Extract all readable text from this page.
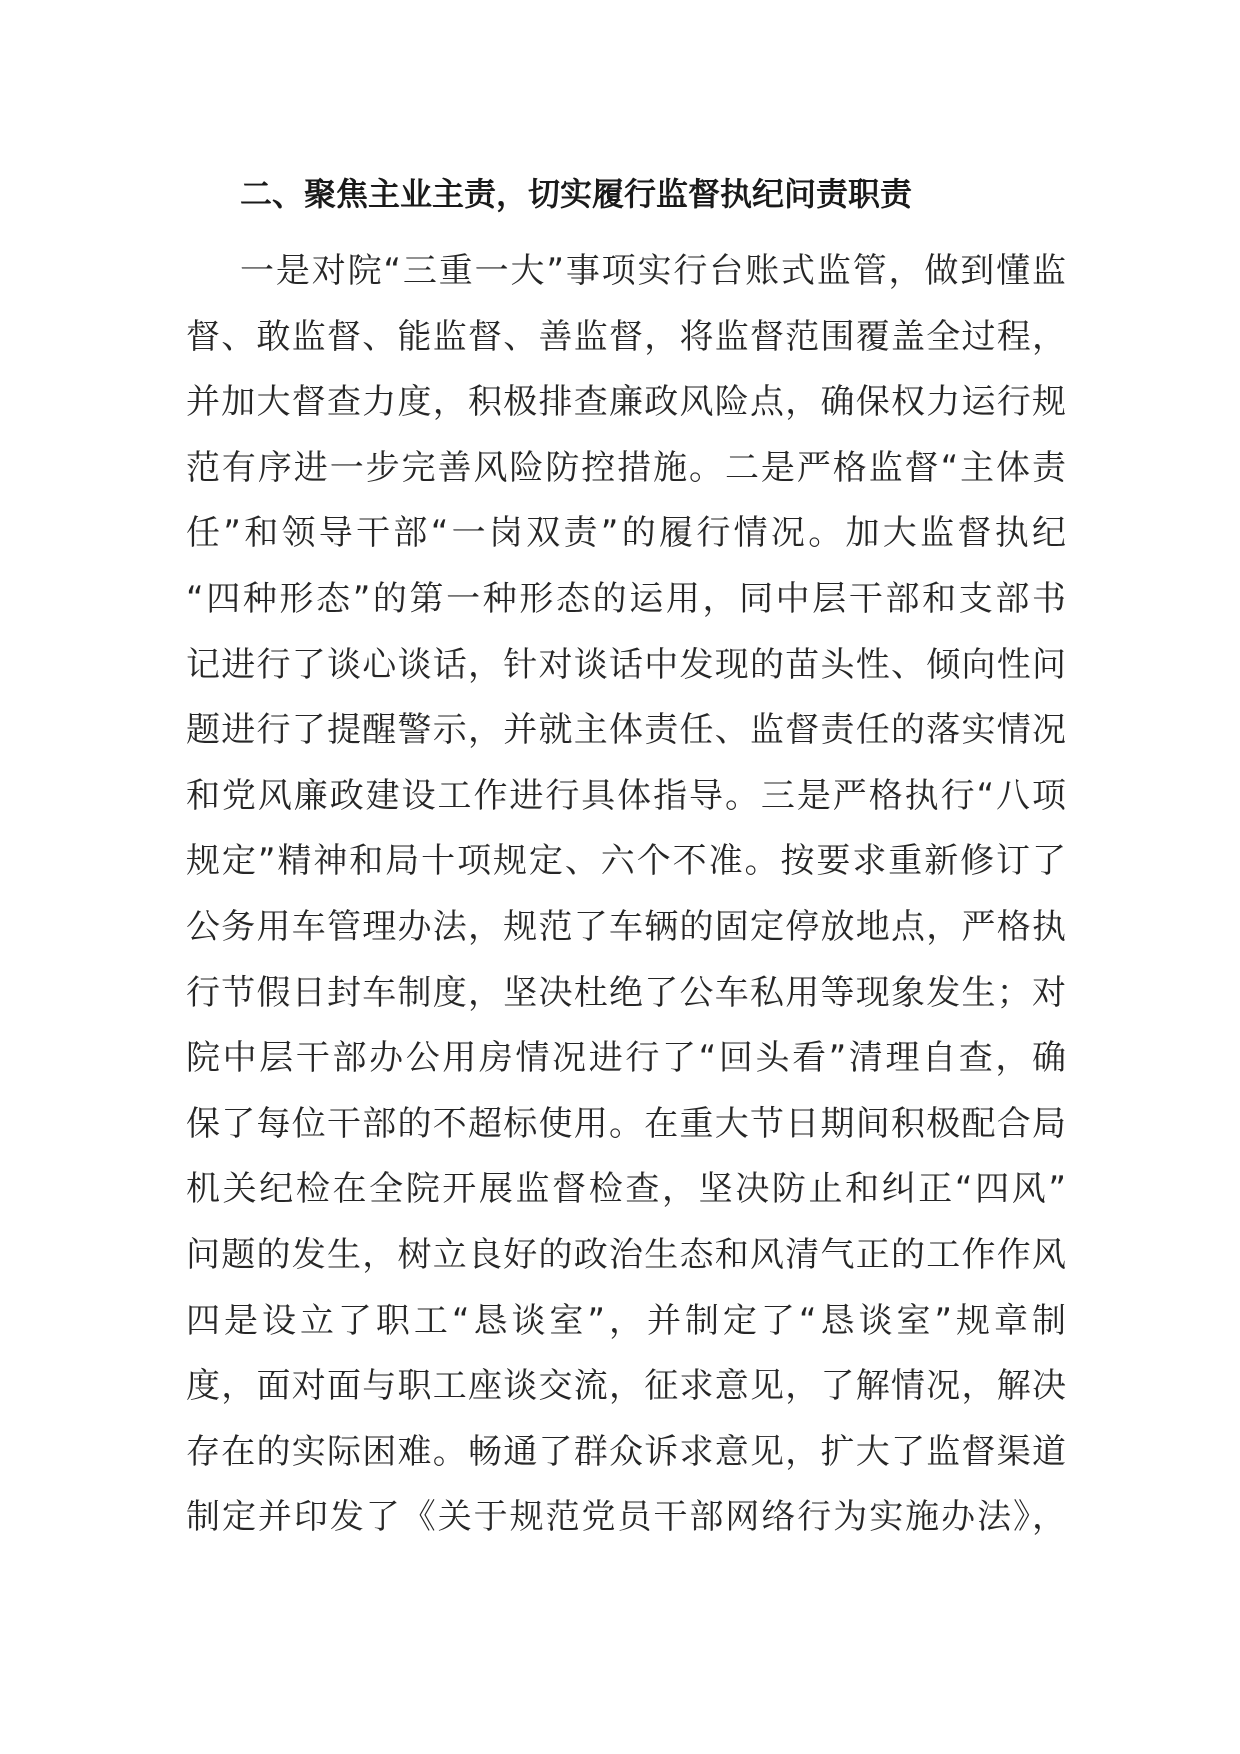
二、聚焦主业主责，切实履行监督执纪问责职责
一是对院“三重一大”事项实行台账式监管，做到懂监
督、敢监督、能监督、善监督，将监督范围覆盖全过程，
并加大督查力度，积极排查廉政风险点，确保权力运行规
范有序进一步完善风险防控措施。二是严格监督“主体责
任”和领导干部“一岗双责”的履行情况。加大监督执纪
“四种形态”的第一种形态的运用，同中层干部和支部书
记进行了谈心谈话，针对谈话中发现的苗头性、倾向性问
题进行了提醒警示，并就主体责任、监督责任的落实情况
和党风廉政建设工作进行具体指导。三是严格执行“八项
规定”精神和局十项规定、六个不准。按要求重新修订了
公务用车管理办法，规范了车辆的固定停放地点，严格执
行节假日封车制度，坚决杜绝了公车私用等现象发生；对
院中层干部办公用房情况进行了“回头看”清理自查，确
保了每位干部的不超标使用。在重大节日期间积极配合局
机关纪检在全院开展监督检查，坚决防止和纠正“四风”
问题的发生，树立良好的政治生态和风清气正的工作作风
四是设立了职工“恳谈室”，并制定了“恳谈室”规章制
度，面对面与职工座谈交流，征求意见，了解情况，解决
存在的实际困难。畅通了群众诉求意见，扩大了监督渠道
制定并印发了《关于规范党员干部网络行为实施办法》，
